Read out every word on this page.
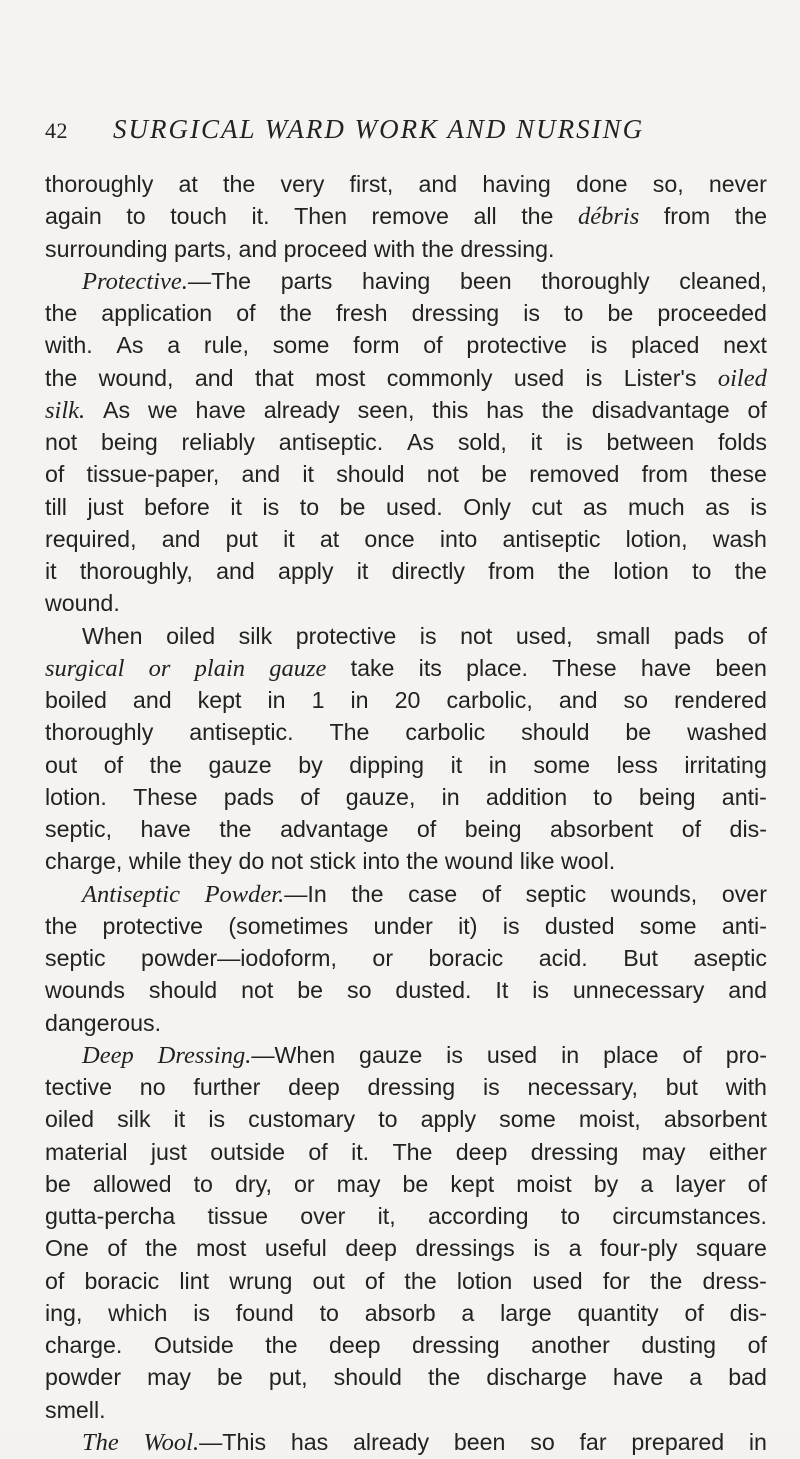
42 SURGICAL WARD WORK AND NURSING
thoroughly at the very first, and having done so, never
again to touch it. Then remove all the débris from the
surrounding parts, and proceed with the dressing.
Protective.—The parts having been thoroughly cleaned,
the application of the fresh dressing is to be proceeded
with. As a rule, some form of protective is placed next
the wound, and that most commonly used is Lister's oiled
silk. As we have already seen, this has the disadvantage of
not being reliably antiseptic. As sold, it is between folds
of tissue-paper, and it should not be removed from these
till just before it is to be used. Only cut as much as is
required, and put it at once into antiseptic lotion, wash
it thoroughly, and apply it directly from the lotion to the
wound.
When oiled silk protective is not used, small pads of
surgical or plain gauze take its place. These have been
boiled and kept in 1 in 20 carbolic, and so rendered
thoroughly antiseptic. The carbolic should be washed
out of the gauze by dipping it in some less irritating
lotion. These pads of gauze, in addition to being anti-
septic, have the advantage of being absorbent of dis-
charge, while they do not stick into the wound like wool.
Antiseptic Powder.—In the case of septic wounds, over
the protective (sometimes under it) is dusted some anti-
septic powder—iodoform, or boracic acid. But aseptic
wounds should not be so dusted. It is unnecessary and
dangerous.
Deep Dressing.—When gauze is used in place of pro-
tective no further deep dressing is necessary, but with
oiled silk it is customary to apply some moist, absorbent
material just outside of it. The deep dressing may either
be allowed to dry, or may be kept moist by a layer of
gutta-percha tissue over it, according to circumstances.
One of the most useful deep dressings is a four-ply square
of boracic lint wrung out of the lotion used for the dress-
ing, which is found to absorb a large quantity of dis-
charge. Outside the deep dressing another dusting of
powder may be put, should the discharge have a bad
smell.
The Wool.—This has already been so far prepared in
